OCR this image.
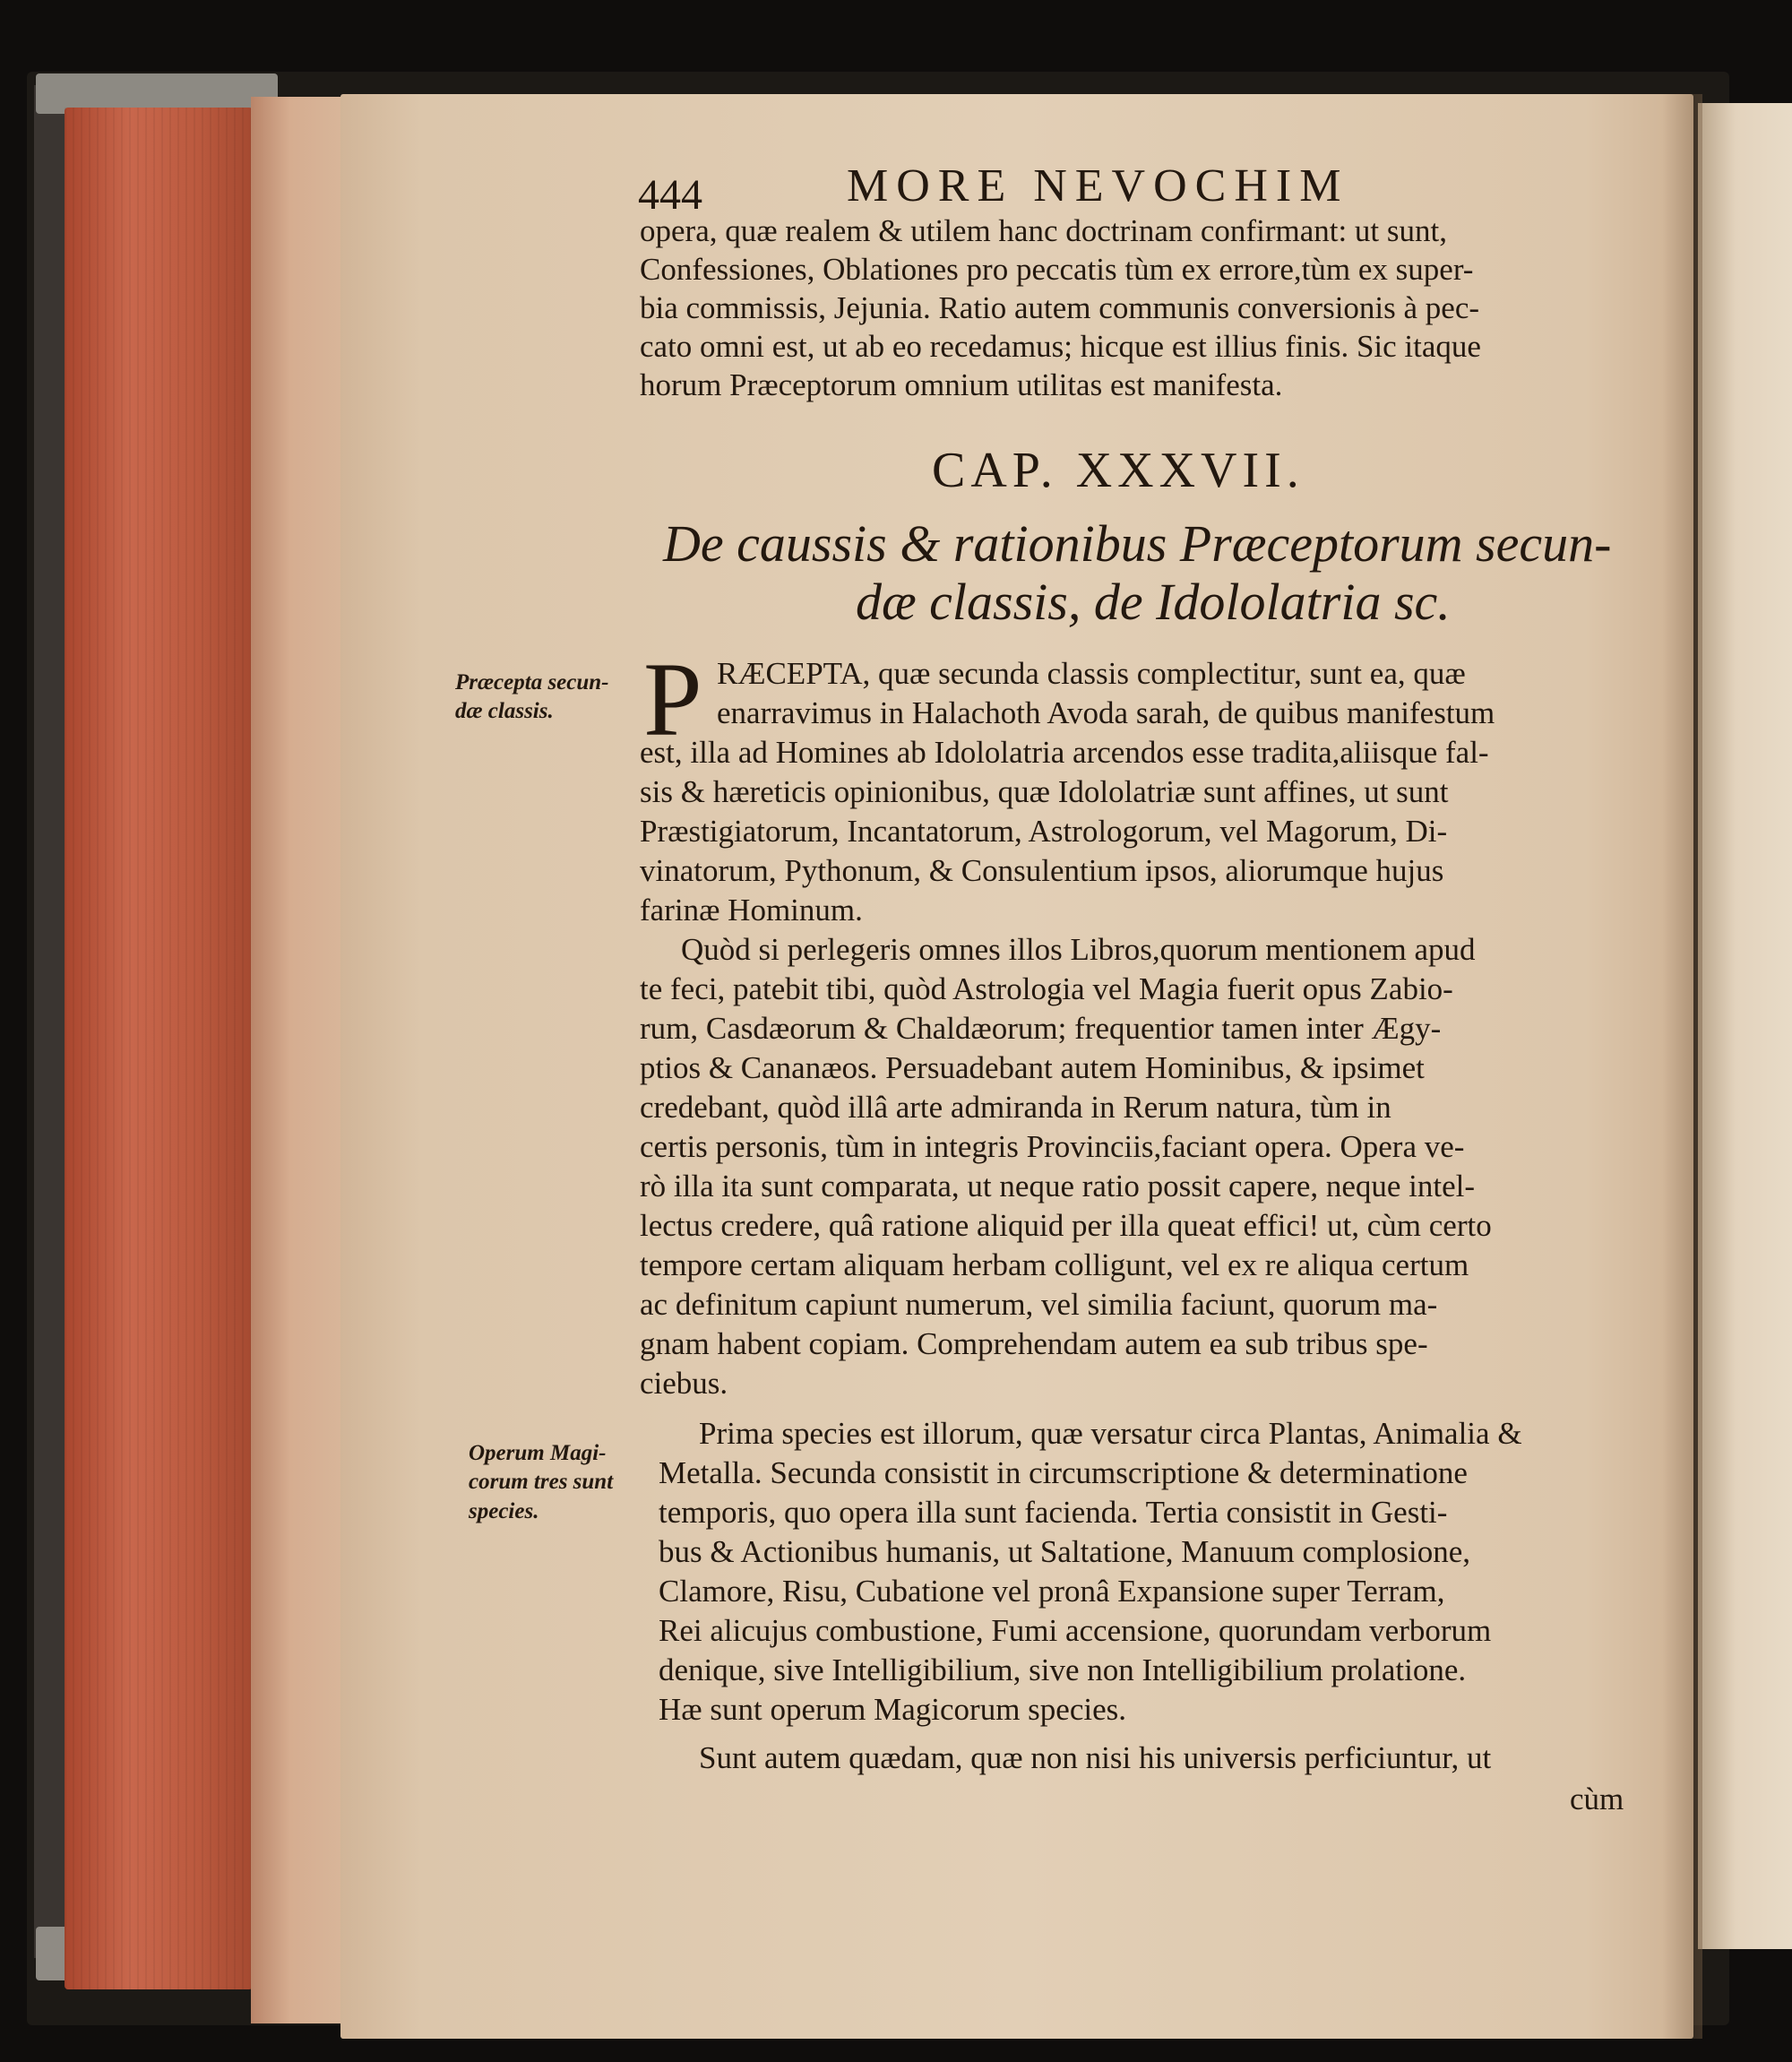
444	MORE NEVOCHIM
opera, quæ realem & utilem hanc doctrinam confirmant: ut sunt,
Confessiones, Oblationes pro peccatis tùm ex errore,tùm ex super-
bia commissis, Jejunia. Ratio autem communis conversionis à pec-
cato omni est, ut ab eo recedamus; hicque est illius finis. Sic itaque
horum Præceptorum omnium utilitas est manifesta.
CAP. XXXVII.
De caussis & rationibus Præceptorum secun-
dæ classis, de Idololatria sc.
Præcepta secun-
dæ classis.
Operum Magi-
corum tres sunt
species.
P RÆCEPTA, quæ secunda classis complectitur, sunt ea, quæ
enarravimus in Halachoth Avoda sarah, de quibus manifestum
est, illa ad Homines ab Idololatria arcendos esse tradita,aliisque fal-
sis & hæreticis opinionibus, quæ Idololatriæ sunt affines, ut sunt
Præstigiatorum, Incantatorum, Astrologorum, vel Magorum, Di-
vinatorum, Pythonum, & Consulentium ipsos, aliorumque hujus
farinæ Hominum.
Quòd si perlegeris omnes illos Libros,quorum mentionem apud
te feci, patebit tibi, quòd Astrologia vel Magia fuerit opus Zabio-
rum, Casdæorum & Chaldæorum; frequentior tamen inter Ægy-
ptios & Cananæos. Persuadebant autem Hominibus, & ipsimet
credebant, quòd illâ arte admiranda in Rerum natura, tùm in
certis personis, tùm in integris Provinciis,faciant opera. Opera ve-
rò illa ita sunt comparata, ut neque ratio possit capere, neque intel-
lectus credere, quâ ratione aliquid per illa queat effici! ut, cùm certo
tempore certam aliquam herbam colligunt, vel ex re aliqua certum
ac definitum capiunt numerum, vel similia faciunt, quorum ma-
gnam habent copiam. Comprehendam autem ea sub tribus spe-
ciebus.
Prima species est illorum, quæ versatur circa Plantas, Animalia &
Metalla. Secunda consistit in circumscriptione & determinatione
temporis, quo opera illa sunt facienda. Tertia consistit in Gesti-
bus & Actionibus humanis, ut Saltatione, Manuum complosione,
Clamore, Risu, Cubatione vel pronâ Expansione super Terram,
Rei alicujus combustione, Fumi accensione, quorundam verborum
denique, sive Intelligibilium, sive non Intelligibilium prolatione.
Hæ sunt operum Magicorum species.
Sunt autem quædam, quæ non nisi his universis perficiuntur, ut
cùm
